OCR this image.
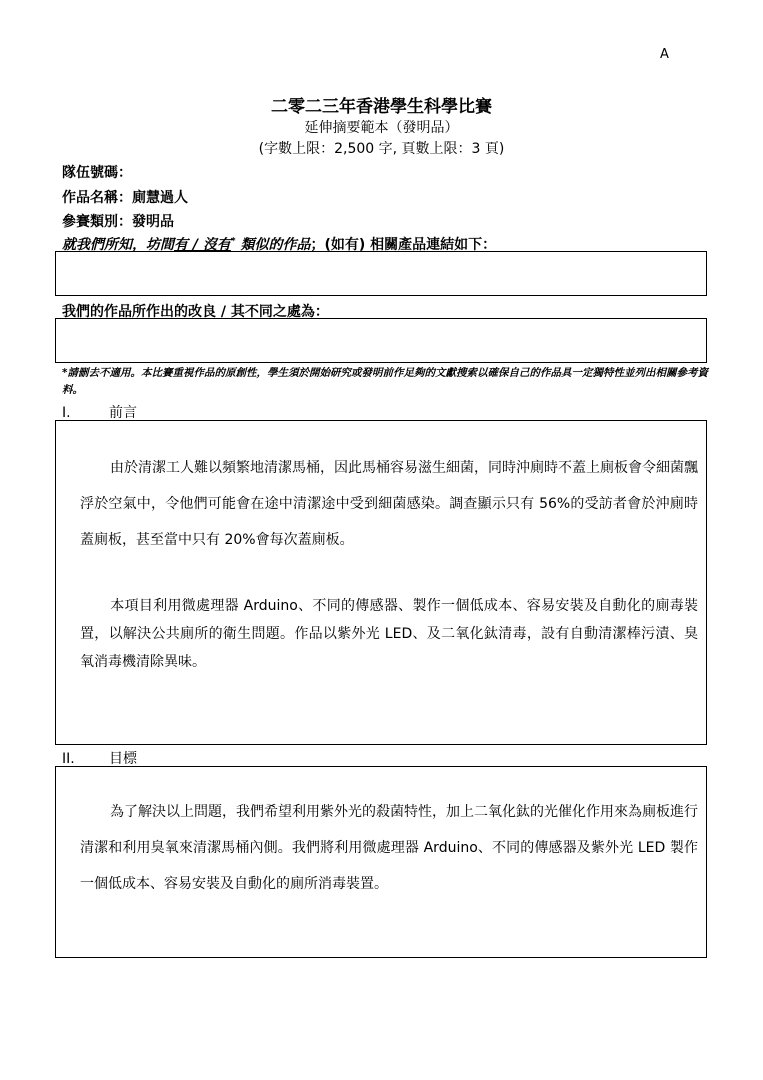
A
二零二三年香港學生科學比賽
延伸摘要範本（發明品）
(字數上限：2,500 字, 頁數上限：3 頁)
隊伍號碼：
作品名稱：廁慧過人
參賽類別：發明品
就我們所知，坊間有 / 沒有* 類似的作品；(如有) 相關產品連結如下：
我們的作品所作出的改良 / 其不同之處為：
*請刪去不適用。本比賽重視作品的原創性，學生須於開始研究或發明前作足夠的文獻搜索以確保自己的作品具一定獨特性並列出相關參考資料。
I.	前言
由於清潔工人難以頻繁地清潔馬桶，因此馬桶容易滋生細菌，同時沖廁時不蓋上廁板會令細菌飄浮於空氣中，令他們可能會在途中清潔途中受到細菌感染。調查顯示只有 56%的受訪者會於沖廁時蓋廁板，甚至當中只有 20%會每次蓋廁板。
本項目利用微處理器 Arduino、不同的傳感器、製作一個低成本、容易安裝及自動化的廁毒裝置，以解決公共廁所的衛生問題。作品以紫外光 LED、及二氧化鈦清毒，設有自動清潔棒污漬、臭氧消毒機清除異味。
II. 目標
為了解決以上問題，我們希望利用紫外光的殺菌特性，加上二氧化鈦的光催化作用來為廁板進行清潔和利用臭氧來清潔馬桶內側。我們將利用微處理器 Arduino、不同的傳感器及紫外光 LED 製作一個低成本、容易安裝及自動化的廁所消毒裝置。
